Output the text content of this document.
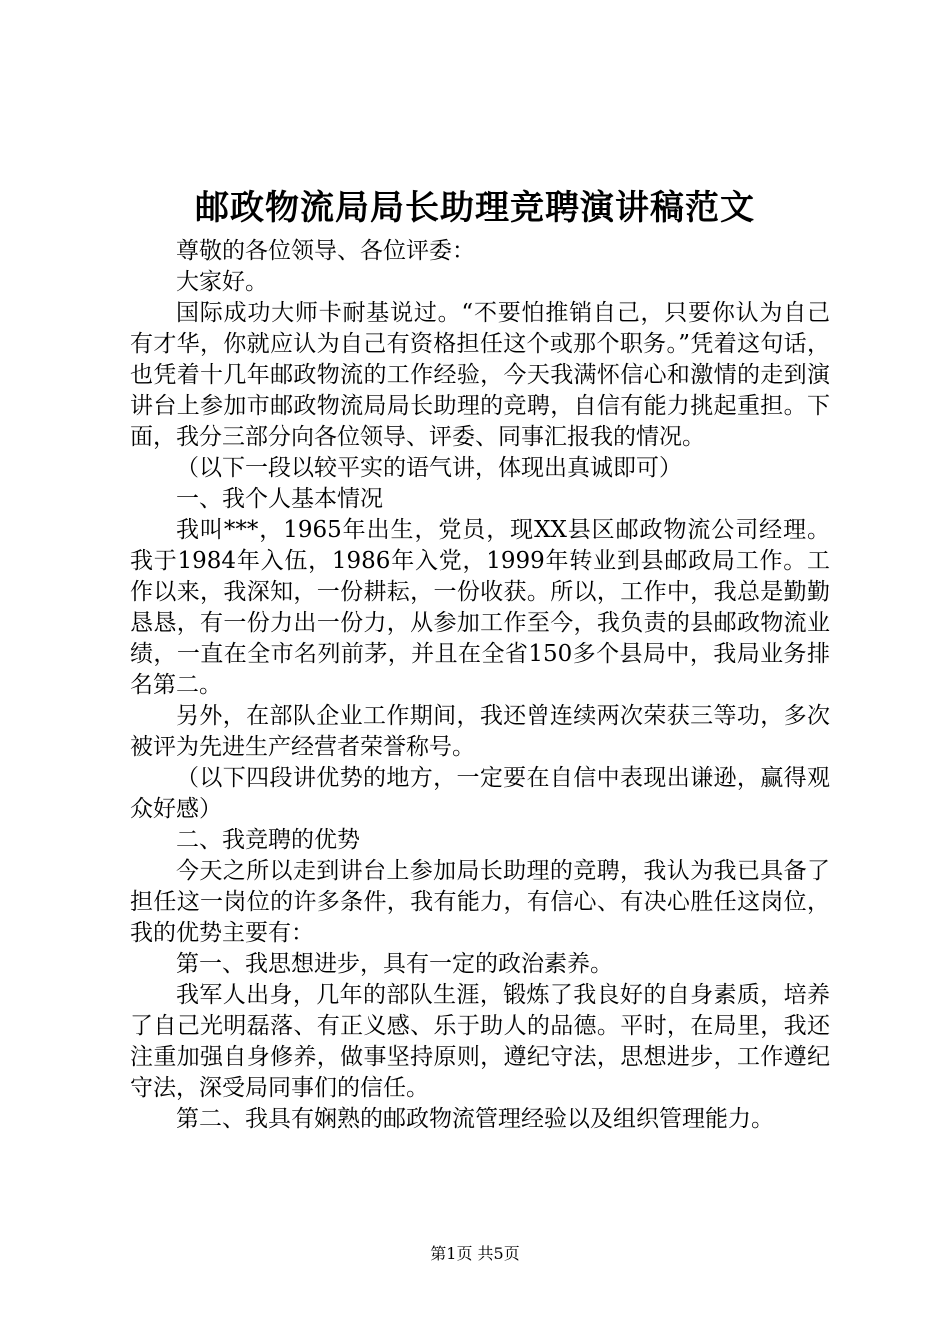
邮政物流局局长助理竞聘演讲稿范文

尊敬的各位领导、各位评委：

大家好。

国际成功大师卡耐基说过。“不要怕推销自己，只要你认为自己有才华，你就应认为自己有资格担任这个或那个职务。”凭着这句话，也凭着十几年邮政物流的工作经验，今天我满怀信心和激情的走到演讲台上参加市邮政物流局局长助理的竞聘，自信有能力挑起重担。下面，我分三部分向各位领导、评委、同事汇报我的情况。

（以下一段以较平实的语气讲，体现出真诚即可）

一、我个人基本情况

我叫***，1965年出生，党员，现XX县区邮政物流公司经理。我于1984年入伍，1986年入党，1999年转业到县邮政局工作。工作以来，我深知，一份耕耘，一份收获。所以，工作中，我总是勤勤恳恳，有一份力出一份力，从参加工作至今，我负责的县邮政物流业绩，一直在全市名列前茅，并且在全省150多个县局中，我局业务排名第二。

另外，在部队企业工作期间，我还曾连续两次荣获三等功，多次被评为先进生产经营者荣誉称号。

（以下四段讲优势的地方，一定要在自信中表现出谦逊，赢得观众好感）

二、我竞聘的优势

今天之所以走到讲台上参加局长助理的竞聘，我认为我已具备了担任这一岗位的许多条件，我有能力，有信心、有决心胜任这岗位，我的优势主要有：

第一、我思想进步，具有一定的政治素养。

我军人出身，几年的部队生涯，锻炼了我良好的自身素质，培养了自己光明磊落、有正义感、乐于助人的品德。平时，在局里，我还注重加强自身修养，做事坚持原则，遵纪守法，思想进步，工作遵纪守法，深受局同事们的信任。

第二、我具有娴熟的邮政物流管理经验以及组织管理能力。

第1页 共5页
